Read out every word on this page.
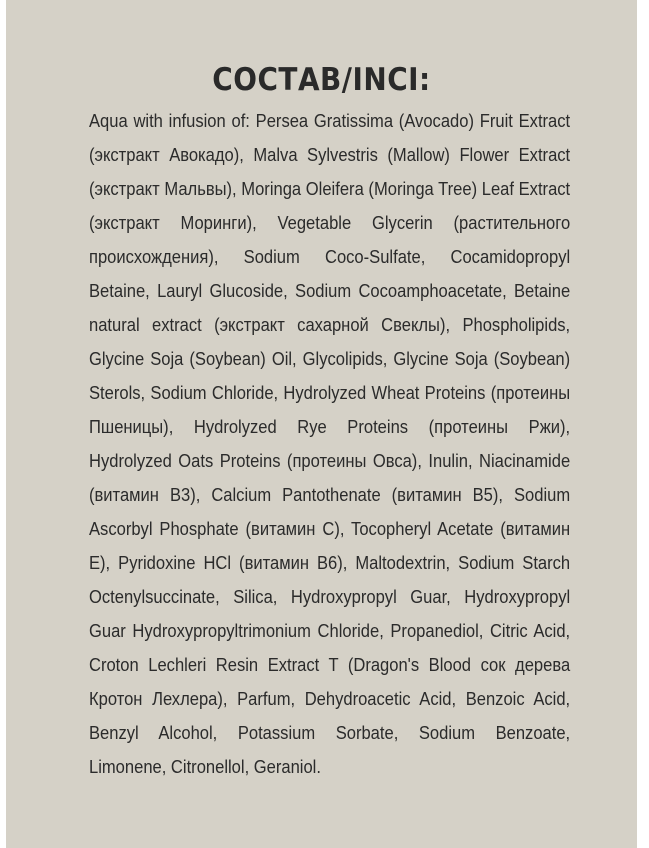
СОСТАВ/INCI:

Aqua with infusion of: Persea Gratissima (Avocado) Fruit Extract (экстракт Авокадо), Malva Sylvestris (Mallow) Flower Extract (экстракт Мальвы), Moringa Oleifera (Moringa Tree) Leaf Extract (экстракт Моринги), Vegetable Glycerin (растительного происхождения), Sodium Coco-Sulfate, Cocamidopropyl Betaine, Lauryl Glucoside, Sodium Cocoamphoacetate, Betaine natural extract (экстракт сахарной Свеклы), Phospholipids, Glycine Soja (Soybean) Oil, Glycolipids, Glycine Soja (Soybean) Sterols, Sodium Chloride, Hydrolyzed Wheat Proteins (протеины Пшеницы), Hydrolyzed Rye Proteins (протеины Ржи), Hydrolyzed Oats Proteins (протеины Овса), Inulin, Niacinamide (витамин В3), Calcium Pantothenate (витамин В5), Sodium Ascorbyl Phosphate (витамин С), Tocopheryl Acetate (витамин Е), Pyridoxine HCl (витамин В6), Maltodextrin, Sodium Starch Octenylsuccinate, Silica, Hydroxypropyl Guar, Hydroxypropyl Guar Hydroxypropyltrimonium Chloride, Propanediol, Citric Acid, Croton Lechleri Resin Extract T (Dragon's Blood сок дерева Кротон Лехлера), Parfum, Dehydroacetic Acid, Benzoic Acid, Benzyl Alcohol, Potassium Sorbate, Sodium Benzoate, Limonene, Citronellol, Geraniol.
